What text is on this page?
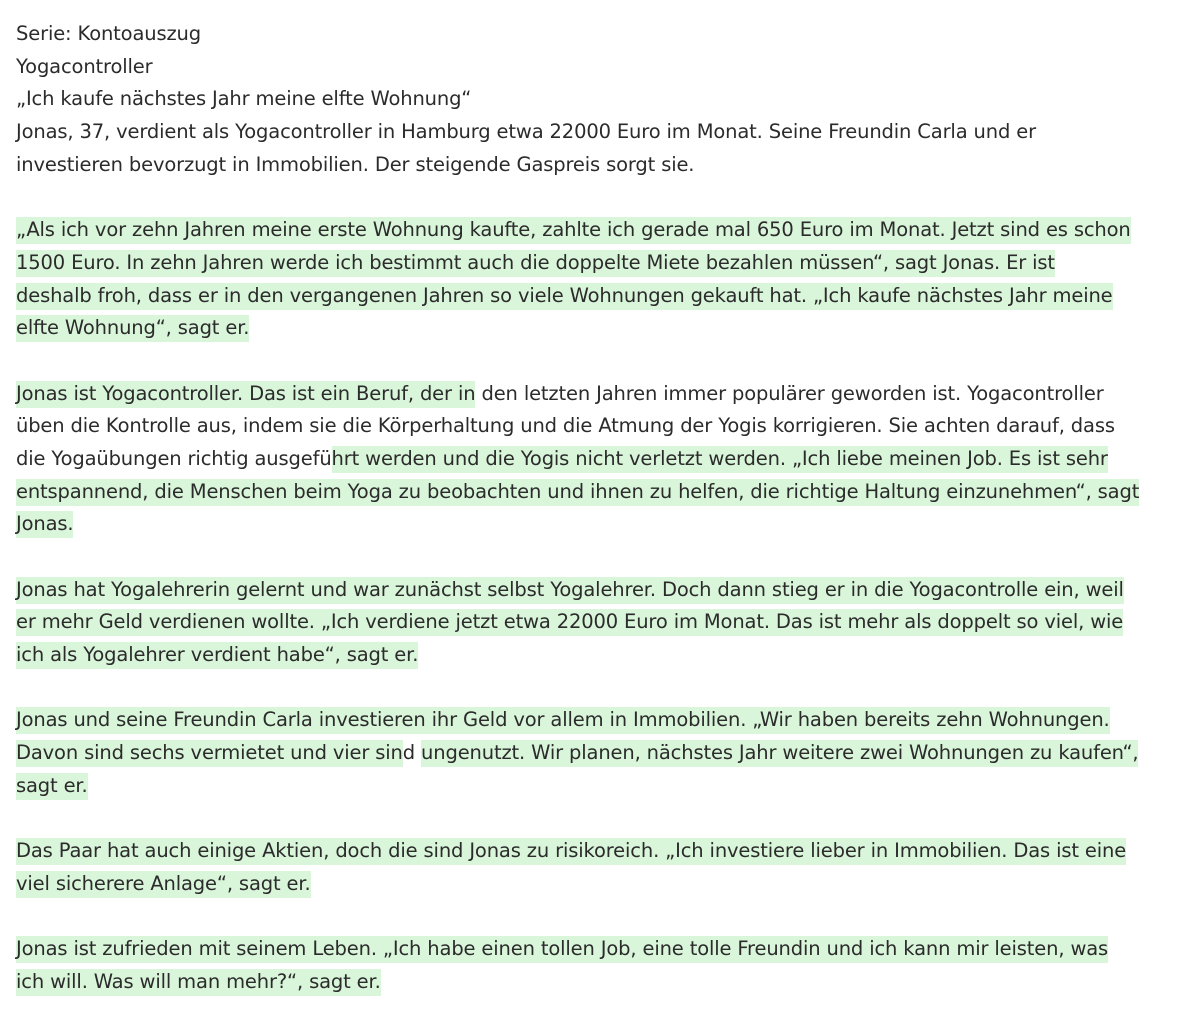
Serie: Kontoauszug
Yogacontroller
„Ich kaufe nächstes Jahr meine elfte Wohnung“
Jonas, 37, verdient als Yogacontroller in Hamburg etwa 22000 Euro im Monat. Seine Freundin Carla und er
investieren bevorzugt in Immobilien. Der steigende Gaspreis sorgt sie.
„Als ich vor zehn Jahren meine erste Wohnung kaufte, zahlte ich gerade mal 650 Euro im Monat. Jetzt sind es schon
1500 Euro. In zehn Jahren werde ich bestimmt auch die doppelte Miete bezahlen müssen“, sagt Jonas. Er ist
deshalb froh, dass er in den vergangenen Jahren so viele Wohnungen gekauft hat. „Ich kaufe nächstes Jahr meine
elfte Wohnung“, sagt er.
Jonas ist Yogacontroller. Das ist ein Beruf, der in den letzten Jahren immer populärer geworden ist. Yogacontroller
üben die Kontrolle aus, indem sie die Körperhaltung und die Atmung der Yogis korrigieren. Sie achten darauf, dass
die Yogaübungen richtig ausgeführt werden und die Yogis nicht verletzt werden. „Ich liebe meinen Job. Es ist sehr
entspannend, die Menschen beim Yoga zu beobachten und ihnen zu helfen, die richtige Haltung einzunehmen“, sagt
Jonas.
Jonas hat Yogalehrerin gelernt und war zunächst selbst Yogalehrer. Doch dann stieg er in die Yogacontrolle ein, weil
er mehr Geld verdienen wollte. „Ich verdiene jetzt etwa 22000 Euro im Monat. Das ist mehr als doppelt so viel, wie
ich als Yogalehrer verdient habe“, sagt er.
Jonas und seine Freundin Carla investieren ihr Geld vor allem in Immobilien. „Wir haben bereits zehn Wohnungen.
Davon sind sechs vermietet und vier sind ungenutzt. Wir planen, nächstes Jahr weitere zwei Wohnungen zu kaufen“,
sagt er.
Das Paar hat auch einige Aktien, doch die sind Jonas zu risikoreich. „Ich investiere lieber in Immobilien. Das ist eine
viel sicherere Anlage“, sagt er.
Jonas ist zufrieden mit seinem Leben. „Ich habe einen tollen Job, eine tolle Freundin und ich kann mir leisten, was
ich will. Was will man mehr?“, sagt er.
